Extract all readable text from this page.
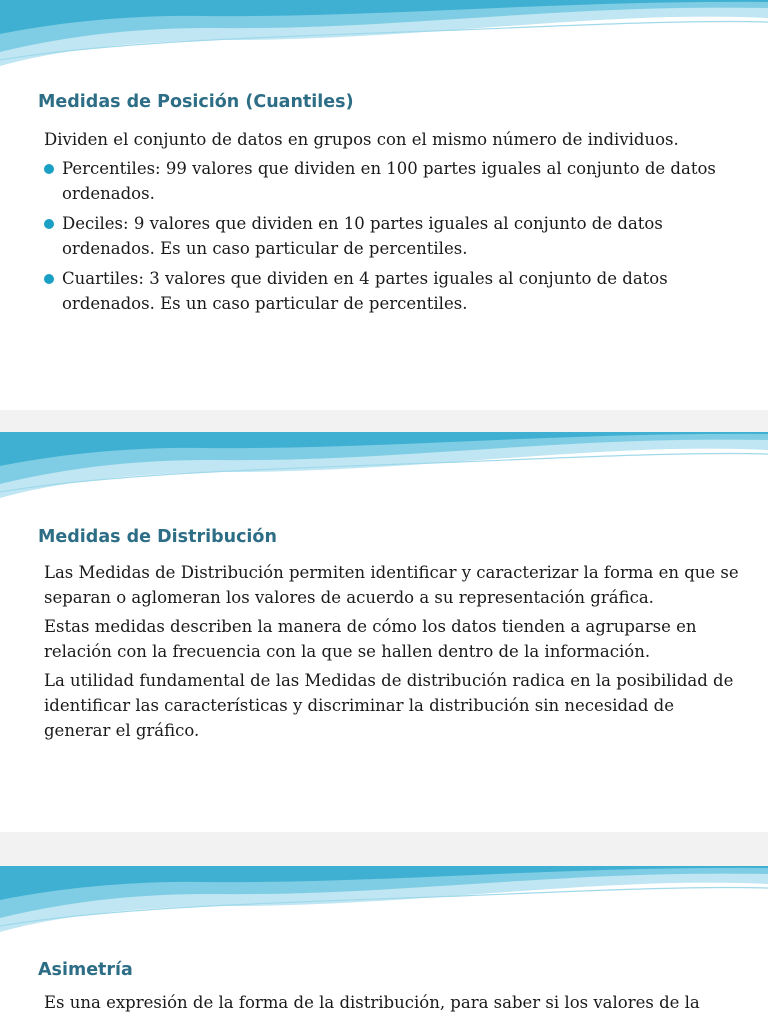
Medidas de Posición (Cuantiles)

Dividen el conjunto de datos en grupos con el mismo número de individuos.

Percentiles: 99 valores que dividen en 100 partes iguales al conjunto de datos ordenados.
Deciles: 9 valores que dividen en 10 partes iguales al conjunto de datos ordenados. Es un caso particular de percentiles.
Cuartiles: 3 valores que dividen en 4 partes iguales al conjunto de datos ordenados. Es un caso particular de percentiles.
Medidas de Distribución

Las Medidas de Distribución permiten identificar y caracterizar la forma en que se separan o aglomeran los valores de acuerdo a su representación gráfica.

Estas medidas describen la manera de cómo los datos tienden a agruparse en relación con la frecuencia con la que se hallen dentro de la información.

La utilidad fundamental de las Medidas de distribución radica en la posibilidad de identificar las características y discriminar la distribución sin necesidad de generar el gráfico.

Asimetría

Es una expresión de la forma de la distribución, para saber si los valores de la
